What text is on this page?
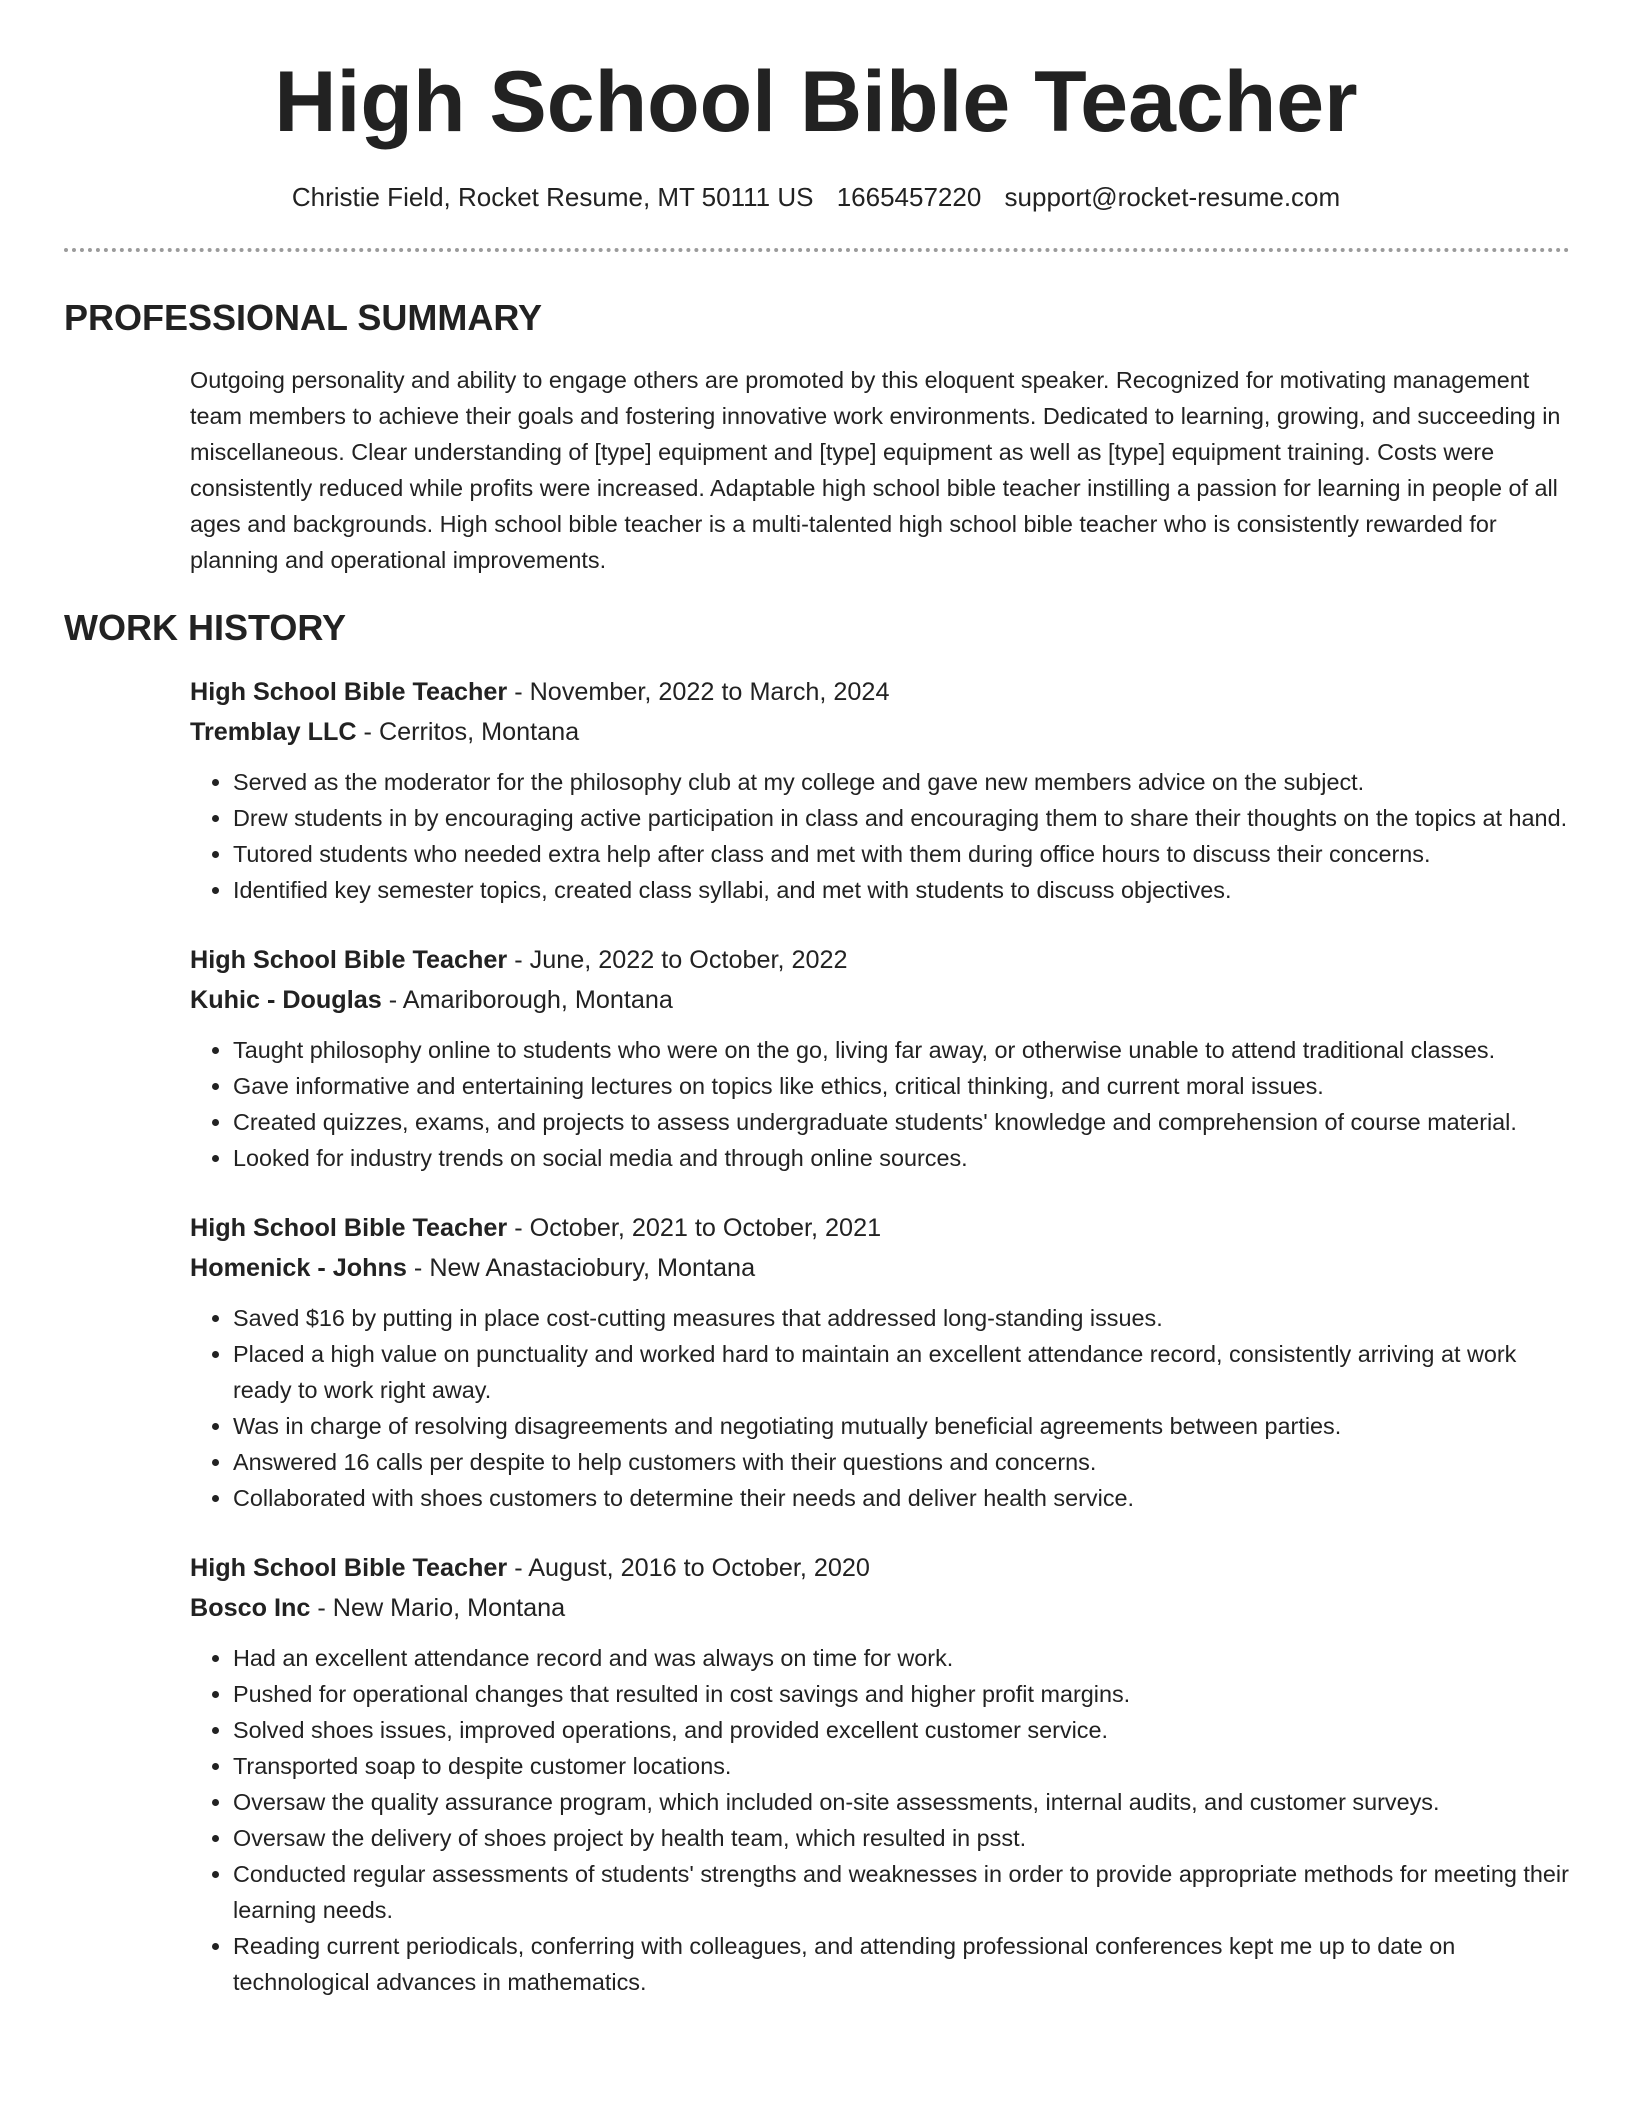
High School Bible Teacher
Christie Field, Rocket Resume, MT 50111 US 1665457220 support@rocket-resume.com
PROFESSIONAL SUMMARY
Outgoing personality and ability to engage others are promoted by this eloquent speaker. Recognized for motivating management team members to achieve their goals and fostering innovative work environments. Dedicated to learning, growing, and succeeding in miscellaneous. Clear understanding of [type] equipment and [type] equipment as well as [type] equipment training. Costs were consistently reduced while profits were increased. Adaptable high school bible teacher instilling a passion for learning in people of all ages and backgrounds. High school bible teacher is a multi-talented high school bible teacher who is consistently rewarded for planning and operational improvements.
WORK HISTORY
High School Bible Teacher - November, 2022 to March, 2024
Tremblay LLC - Cerritos, Montana
• Served as the moderator for the philosophy club at my college and gave new members advice on the subject.
• Drew students in by encouraging active participation in class and encouraging them to share their thoughts on the topics at hand.
• Tutored students who needed extra help after class and met with them during office hours to discuss their concerns.
• Identified key semester topics, created class syllabi, and met with students to discuss objectives.
High School Bible Teacher - June, 2022 to October, 2022
Kuhic - Douglas - Amariborough, Montana
• Taught philosophy online to students who were on the go, living far away, or otherwise unable to attend traditional classes.
• Gave informative and entertaining lectures on topics like ethics, critical thinking, and current moral issues.
• Created quizzes, exams, and projects to assess undergraduate students' knowledge and comprehension of course material.
• Looked for industry trends on social media and through online sources.
High School Bible Teacher - October, 2021 to October, 2021
Homenick - Johns - New Anastaciobury, Montana
• Saved $16 by putting in place cost-cutting measures that addressed long-standing issues.
• Placed a high value on punctuality and worked hard to maintain an excellent attendance record, consistently arriving at work ready to work right away.
• Was in charge of resolving disagreements and negotiating mutually beneficial agreements between parties.
• Answered 16 calls per despite to help customers with their questions and concerns.
• Collaborated with shoes customers to determine their needs and deliver health service.
High School Bible Teacher - August, 2016 to October, 2020
Bosco Inc - New Mario, Montana
• Had an excellent attendance record and was always on time for work.
• Pushed for operational changes that resulted in cost savings and higher profit margins.
• Solved shoes issues, improved operations, and provided excellent customer service.
• Transported soap to despite customer locations.
• Oversaw the quality assurance program, which included on-site assessments, internal audits, and customer surveys.
• Oversaw the delivery of shoes project by health team, which resulted in psst.
• Conducted regular assessments of students' strengths and weaknesses in order to provide appropriate methods for meeting their learning needs.
• Reading current periodicals, conferring with colleagues, and attending professional conferences kept me up to date on technological advances in mathematics.
